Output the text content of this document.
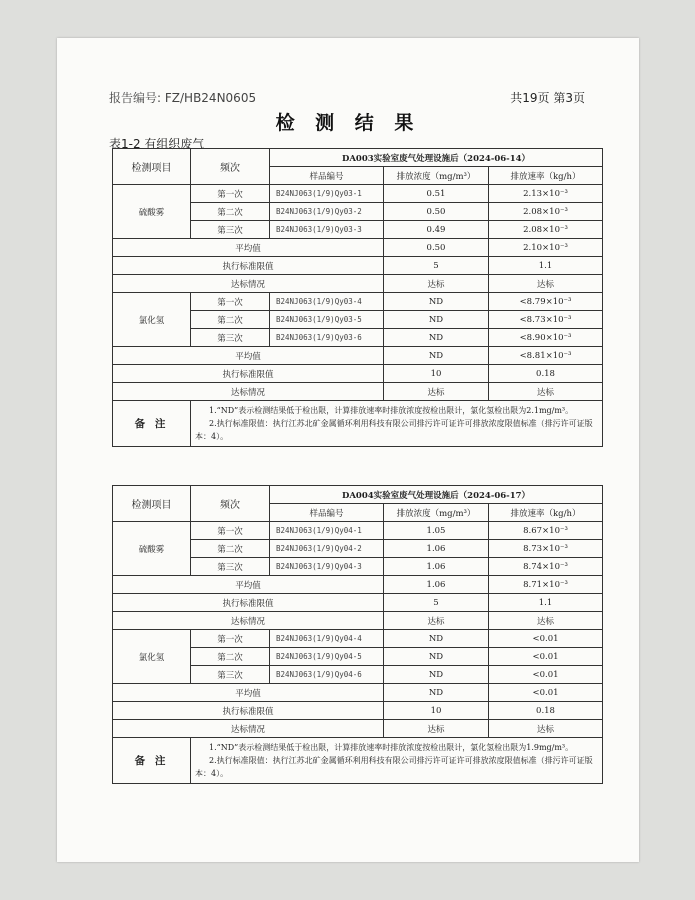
报告编号: FZ/HB24N0605	共19页 第3页
检 测 结 果
表1-2 有组织废气
检测项目	频次	DA003实验室废气处理设施后（2024-06-14）		
		样品编号	排放浓度（mg/m³）	排放速率（kg/h）
硫酸雾	第一次	B24NJ063(1/9)Qy03-1	0.51	2.13×10⁻³
	第二次	B24NJ063(1/9)Qy03-2	0.50	2.08×10⁻³
	第三次	B24NJ063(1/9)Qy03-3	0.49	2.08×10⁻³
平均值			0.50	2.10×10⁻³
执行标准限值			5	1.1
达标情况			达标	达标
氯化氢	第一次	B24NJ063(1/9)Qy03-4	ND	<8.79×10⁻³
	第二次	B24NJ063(1/9)Qy03-5	ND	<8.73×10⁻³
	第三次	B24NJ063(1/9)Qy03-6	ND	<8.90×10⁻³
平均值			ND	<8.81×10⁻³
执行标准限值			10	0.18
达标情况			达标	达标
备 注	1.“ND”表示检测结果低于检出限，计算排放速率时排放浓度按检出限计，氯化氢检出限为2.1mg/m³。
2.执行标准限值：执行江苏北矿金属循环利用科技有限公司排污许可证许可排放浓度限值标准（排污许可证版本：4）。			
检测项目	频次	DA004实验室废气处理设施后（2024-06-17）		
		样品编号	排放浓度（mg/m³）	排放速率（kg/h）
硫酸雾	第一次	B24NJ063(1/9)Qy04-1	1.05	8.67×10⁻³
	第二次	B24NJ063(1/9)Qy04-2	1.06	8.73×10⁻³
	第三次	B24NJ063(1/9)Qy04-3	1.06	8.74×10⁻³
平均值			1.06	8.71×10⁻³
执行标准限值			5	1.1
达标情况			达标	达标
氯化氢	第一次	B24NJ063(1/9)Qy04-4	ND	<0.01
	第二次	B24NJ063(1/9)Qy04-5	ND	<0.01
	第三次	B24NJ063(1/9)Qy04-6	ND	<0.01
平均值			ND	<0.01
执行标准限值			10	0.18
达标情况			达标	达标
备 注	1.“ND”表示检测结果低于检出限，计算排放速率时排放浓度按检出限计，氯化氢检出限为1.9mg/m³。
2.执行标准限值：执行江苏北矿金属循环利用科技有限公司排污许可证许可排放浓度限值标准（排污许可证版本：4）。			
